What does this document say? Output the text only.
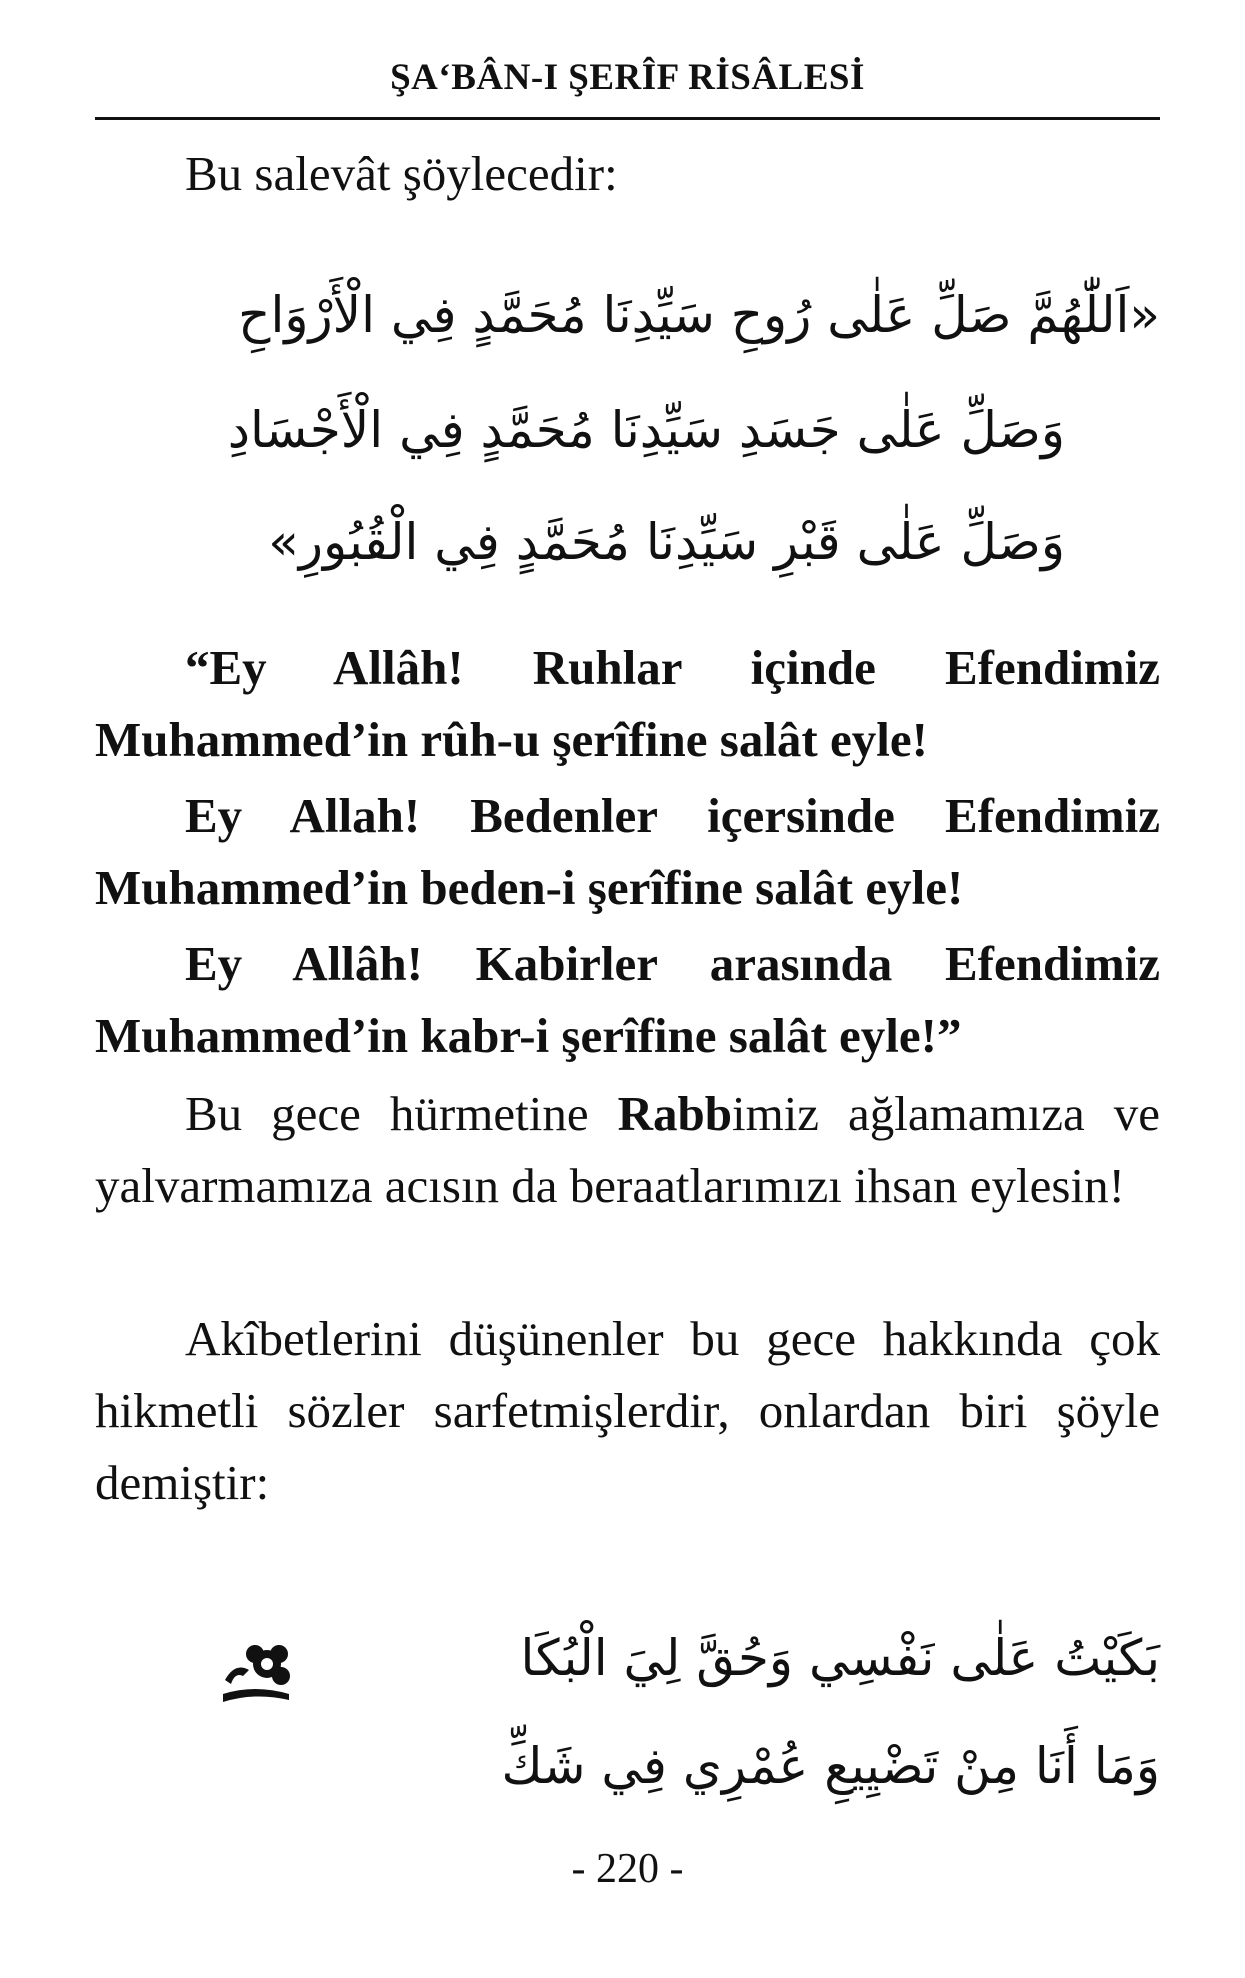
ŞA‘BÂN-I ŞERÎF RİSÂLESİ
Bu salevât şöylecedir:
«اَللّٰهُمَّ صَلِّ عَلٰى رُوحِ سَيِّدِنَا مُحَمَّدٍ فِي الْأَرْوَاحِ
وَصَلِّ عَلٰى جَسَدِ سَيِّدِنَا مُحَمَّدٍ فِي الْأَجْسَادِ
وَصَلِّ عَلٰى قَبْرِ سَيِّدِنَا مُحَمَّدٍ فِي الْقُبُورِ»
“Ey Allâh! Ruhlar içinde Efendimiz Muhammed’in rûh-u şerîfine salât eyle!
Ey Allah! Bedenler içersinde Efendimiz Muhammed’in beden-i şerîfine salât eyle!
Ey Allâh! Kabirler arasında Efendimiz Muhammed’in kabr-i şerîfine salât eyle!”
Bu gece hürmetine Rabbimiz ağlamamıza ve yalvarmamıza acısın da beraatlarımızı ihsan eylesin!
Akîbetlerini düşünenler bu gece hakkında çok hikmetli sözler sarfetmişlerdir, onlardan biri şöyle demiştir:
بَكَيْتُ عَلٰى نَفْسِي وَحُقَّ لِيَ الْبُكَا
وَمَا أَنَا مِنْ تَضْيِيعِ عُمْرِي فِي شَكِّ
- 220 -
